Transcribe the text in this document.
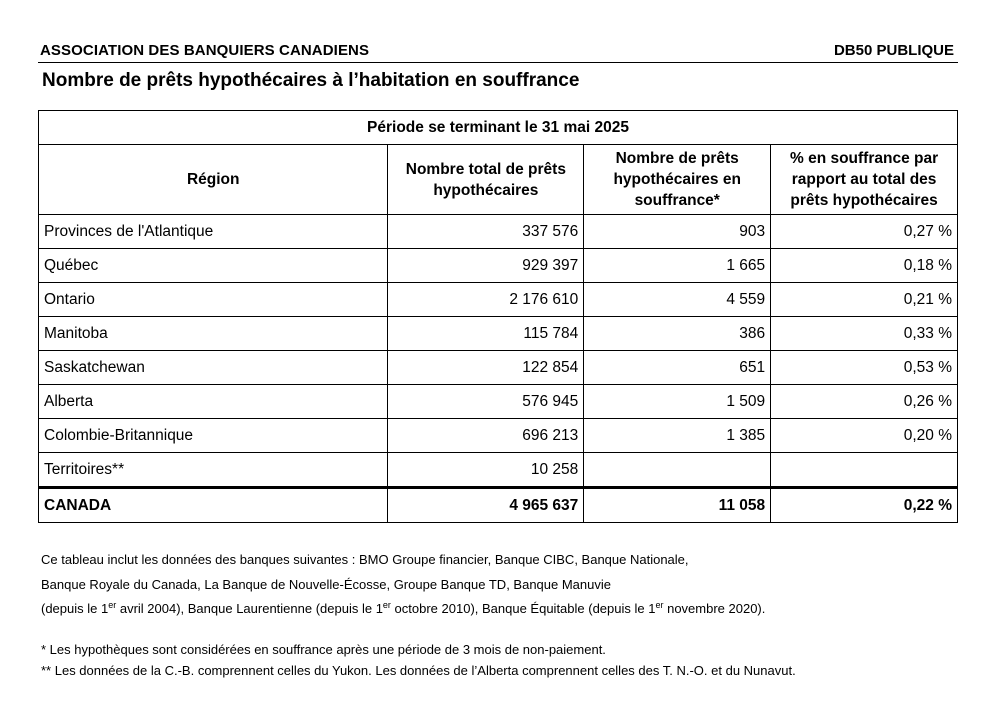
ASSOCIATION DES BANQUIERS CANADIENS	DB50 PUBLIQUE
Nombre de prêts hypothécaires à l’habitation en souffrance
Période se terminant le 31 mai 2025			
Région	Nombre total de prêts hypothécaires	Nombre de prêts hypothécaires en souffrance*	% en souffrance par rapport au total des prêts hypothécaires
Provinces de l'Atlantique	337 576	903	0,27 %
Québec	929 397	1 665	0,18 %
Ontario	2 176 610	4 559	0,21 %
Manitoba	115 784	386	0,33 %
Saskatchewan	122 854	651	0,53 %
Alberta	576 945	1 509	0,26 %
Colombie-Britannique	696 213	1 385	0,20 %
Territoires**	10 258		
CANADA	4 965 637	11 058	0,22 %

Ce tableau inclut les données des banques suivantes : BMO Groupe financier, Banque CIBC, Banque Nationale,

Banque Royale du Canada, La Banque de Nouvelle-Écosse, Groupe Banque TD, Banque Manuvie

(depuis le 1er avril 2004), Banque Laurentienne (depuis le 1er octobre 2010), Banque Équitable (depuis le 1er novembre 2020).

* Les hypothèques sont considérées en souffrance après une période de 3 mois de non-paiement.

** Les données de la C.-B. comprennent celles du Yukon. Les données de l’Alberta comprennent celles des T. N.-O. et du Nunavut.
